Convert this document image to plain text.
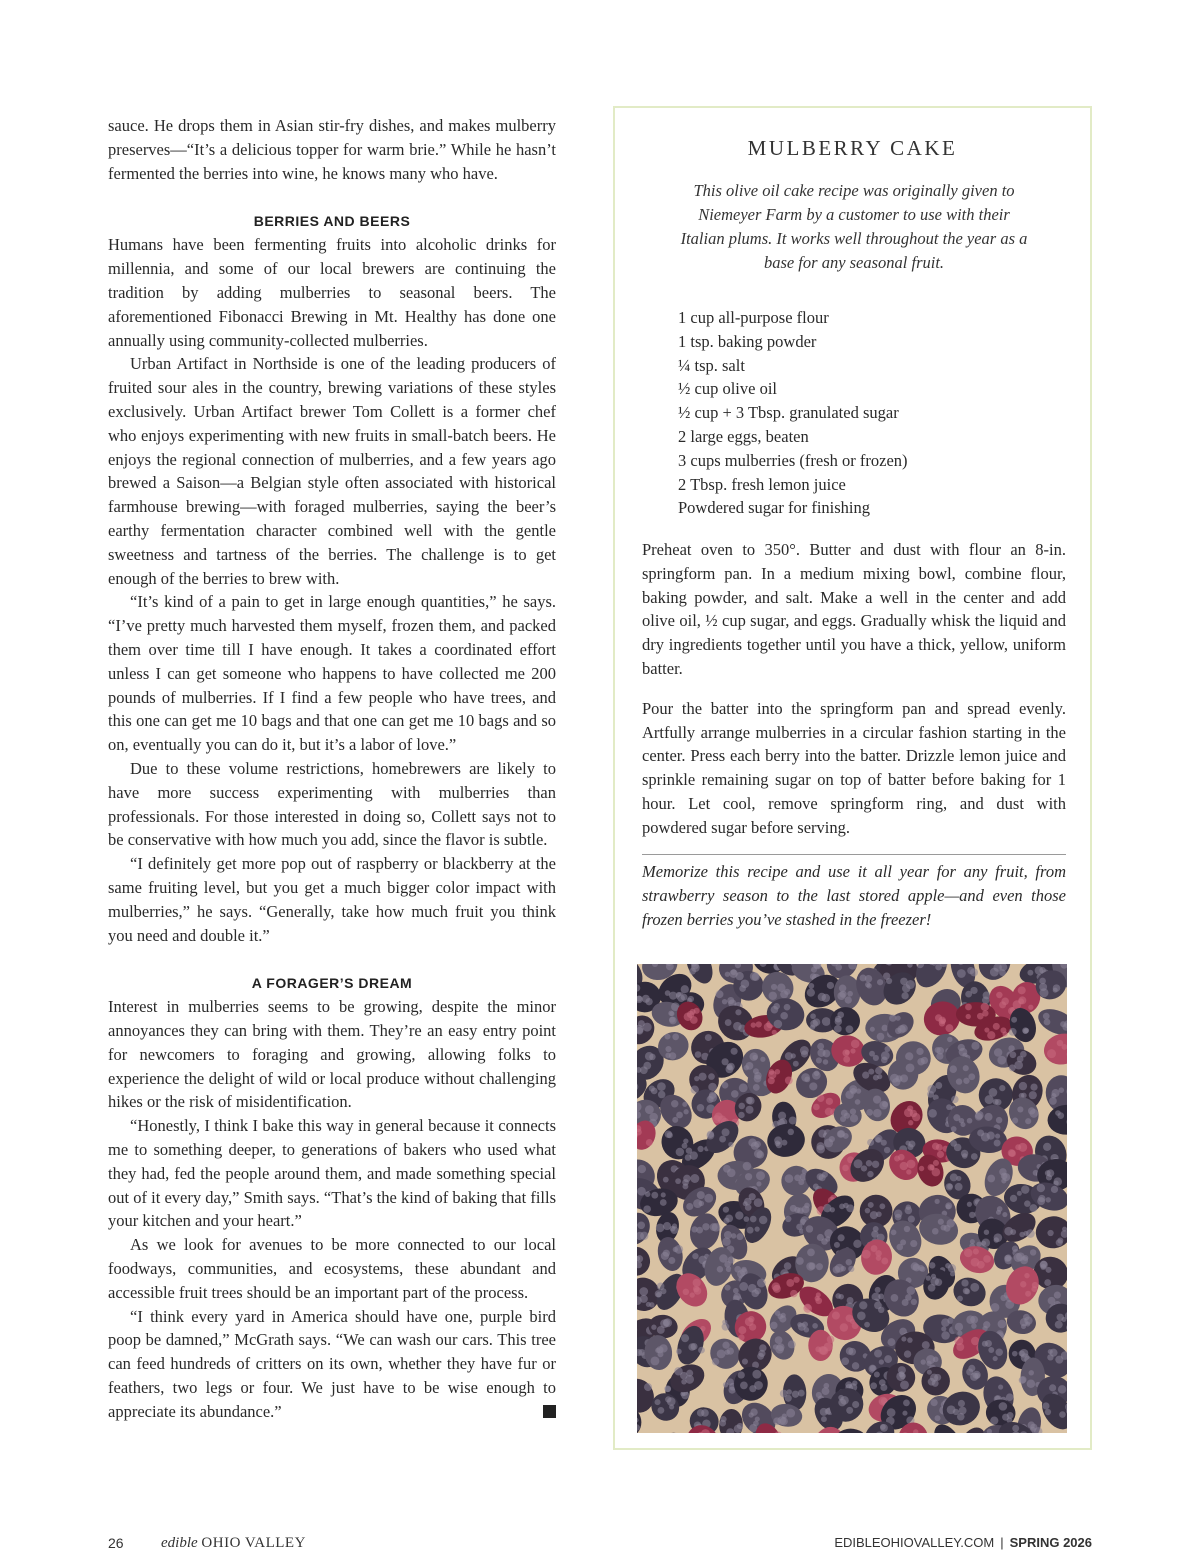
sauce. He drops them in Asian stir-fry dishes, and makes mulberry preserves—“It’s a delicious topper for warm brie.” While he hasn’t fermented the berries into wine, he knows many who have.

BERRIES AND BEERS

Humans have been fermenting fruits into alcoholic drinks for millennia, and some of our local brewers are continuing the tradition by adding mulberries to seasonal beers. The aforementioned Fibonacci Brewing in Mt. Healthy has done one annually using community-collected mulberries.

Urban Artifact in Northside is one of the leading producers of fruited sour ales in the country, brewing variations of these styles exclusively. Urban Artifact brewer Tom Collett is a former chef who enjoys experimenting with new fruits in small-batch beers. He enjoys the regional connection of mulberries, and a few years ago brewed a Saison—a Belgian style often associated with historical farmhouse brewing—with foraged mulberries, saying the beer’s earthy fermentation character combined well with the gentle sweetness and tartness of the berries. The challenge is to get enough of the berries to brew with.

“It’s kind of a pain to get in large enough quantities,” he says. “I’ve pretty much harvested them myself, frozen them, and packed them over time till I have enough. It takes a coordinated effort unless I can get someone who happens to have collected me 200 pounds of mulberries. If I find a few people who have trees, and this one can get me 10 bags and that one can get me 10 bags and so on, eventually you can do it, but it’s a labor of love.”

Due to these volume restrictions, homebrewers are likely to have more success experimenting with mulberries than professionals. For those interested in doing so, Collett says not to be conservative with how much you add, since the flavor is subtle.

“I definitely get more pop out of raspberry or blackberry at the same fruiting level, but you get a much bigger color impact with mulberries,” he says. “Generally, take how much fruit you think you need and double it.”

A FORAGER’S DREAM

Interest in mulberries seems to be growing, despite the minor annoyances they can bring with them. They’re an easy entry point for newcomers to foraging and growing, allowing folks to experience the delight of wild or local produce without challenging hikes or the risk of misidentification.

“Honestly, I think I bake this way in general because it connects me to something deeper, to generations of bakers who used what they had, fed the people around them, and made something special out of it every day,” Smith says. “That’s the kind of baking that fills your kitchen and your heart.”

As we look for avenues to be more connected to our local foodways, communities, and ecosystems, these abundant and accessible fruit trees should be an important part of the process.

“I think every yard in America should have one, purple bird poop be damned,” McGrath says. “We can wash our cars. This tree can feed hundreds of critters on its own, whether they have fur or feathers, two legs or four. We just have to be wise enough to appreciate its abundance.”

MULBERRY CAKE
This olive oil cake recipe was originally given to Niemeyer Farm by a customer to use with their Italian plums. It works well throughout the year as a base for any seasonal fruit.
1 cup all-purpose flour
1 tsp. baking powder
¼ tsp. salt
½ cup olive oil
½ cup + 3 Tbsp. granulated sugar
2 large eggs, beaten
3 cups mulberries (fresh or frozen)
2 Tbsp. fresh lemon juice
Powdered sugar for finishing

Preheat oven to 350°. Butter and dust with flour an 8-in. springform pan. In a medium mixing bowl, combine flour, baking powder, and salt. Make a well in the center and add olive oil, ½ cup sugar, and eggs. Gradually whisk the liquid and dry ingredients together until you have a thick, yellow, uniform batter.

Pour the batter into the springform pan and spread evenly. Artfully arrange mulberries in a circular fashion starting in the center. Press each berry into the batter. Drizzle lemon juice and sprinkle remaining sugar on top of batter before baking for 1 hour. Let cool, remove springform ring, and dust with powdered sugar before serving.

Memorize this recipe and use it all year for any fruit, from strawberry season to the last stored apple—and even those frozen berries you’ve stashed in the freezer!
26 edible OHIO VALLEY	EDIBLEOHIOVALLEY.COM | SPRING 2026
